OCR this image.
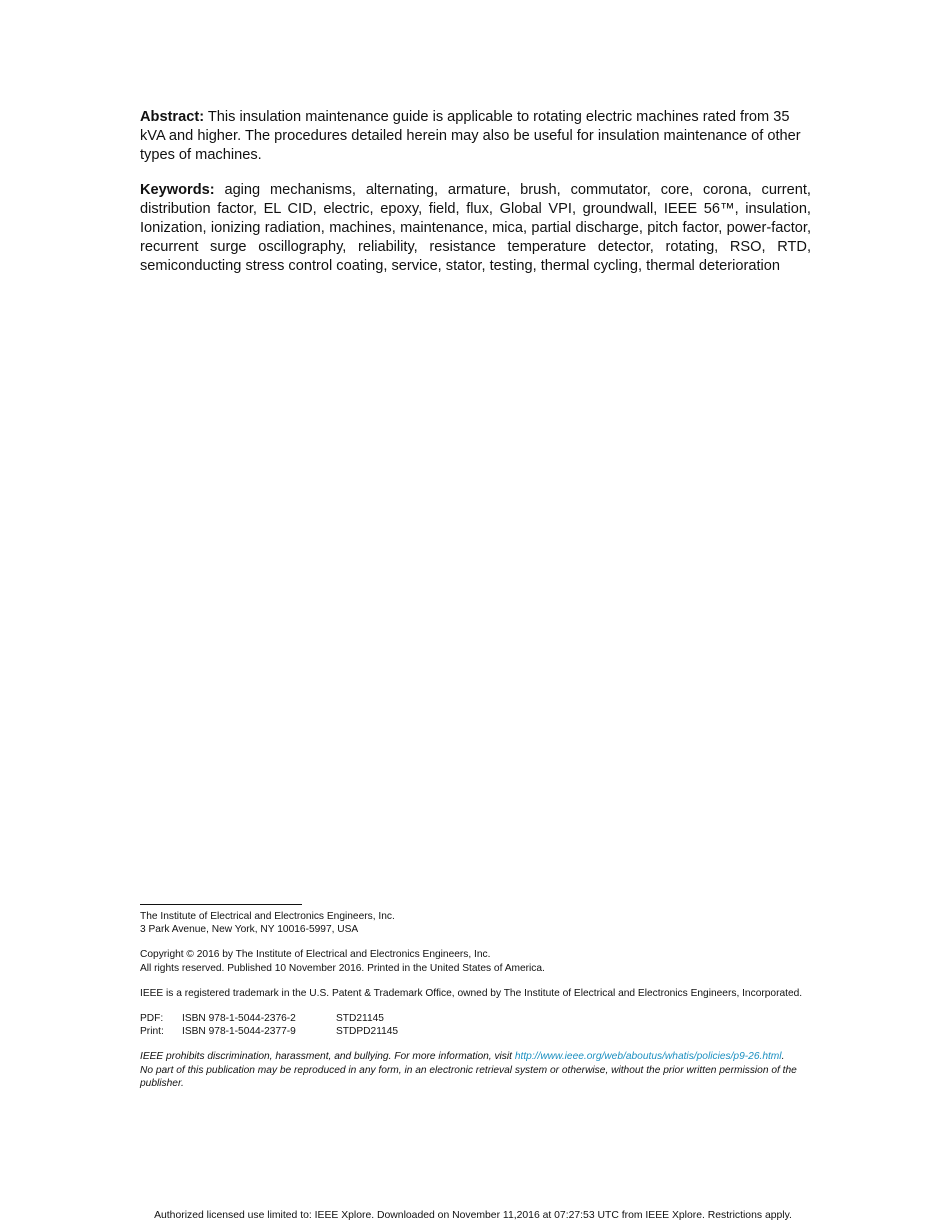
Abstract: This insulation maintenance guide is applicable to rotating electric machines rated from 35 kVA and higher. The procedures detailed herein may also be useful for insulation maintenance of other types of machines.

Keywords: aging mechanisms, alternating, armature, brush, commutator, core, corona, current, distribution factor, EL CID, electric, epoxy, field, flux, Global VPI, groundwall, IEEE 56™, insulation, Ionization, ionizing radiation, machines, maintenance, mica, partial discharge, pitch factor, power-factor, recurrent surge oscillography, reliability, resistance temperature detector, rotating, RSO, RTD, semiconducting stress control coating, service, stator, testing, thermal cycling, thermal deterioration

The Institute of Electrical and Electronics Engineers, Inc.
3 Park Avenue, New York, NY 10016-5997, USA
Copyright © 2016 by The Institute of Electrical and Electronics Engineers, Inc.
All rights reserved. Published 10 November 2016. Printed in the United States of America.
IEEE is a registered trademark in the U.S. Patent & Trademark Office, owned by The Institute of Electrical and Electronics Engineers, Incorporated.
PDF:	ISBN 978-1-5044-2376-2	STD21145
Print:	ISBN 978-1-5044-2377-9	STDPD21145

IEEE prohibits discrimination, harassment, and bullying. For more information, visit http://www.ieee.org/web/aboutus/whatis/policies/p9-26.html.

No part of this publication may be reproduced in any form, in an electronic retrieval system or otherwise, without the prior written permission of the publisher.

Authorized licensed use limited to: IEEE Xplore. Downloaded on November 11,2016 at 07:27:53 UTC from IEEE Xplore. Restrictions apply.
